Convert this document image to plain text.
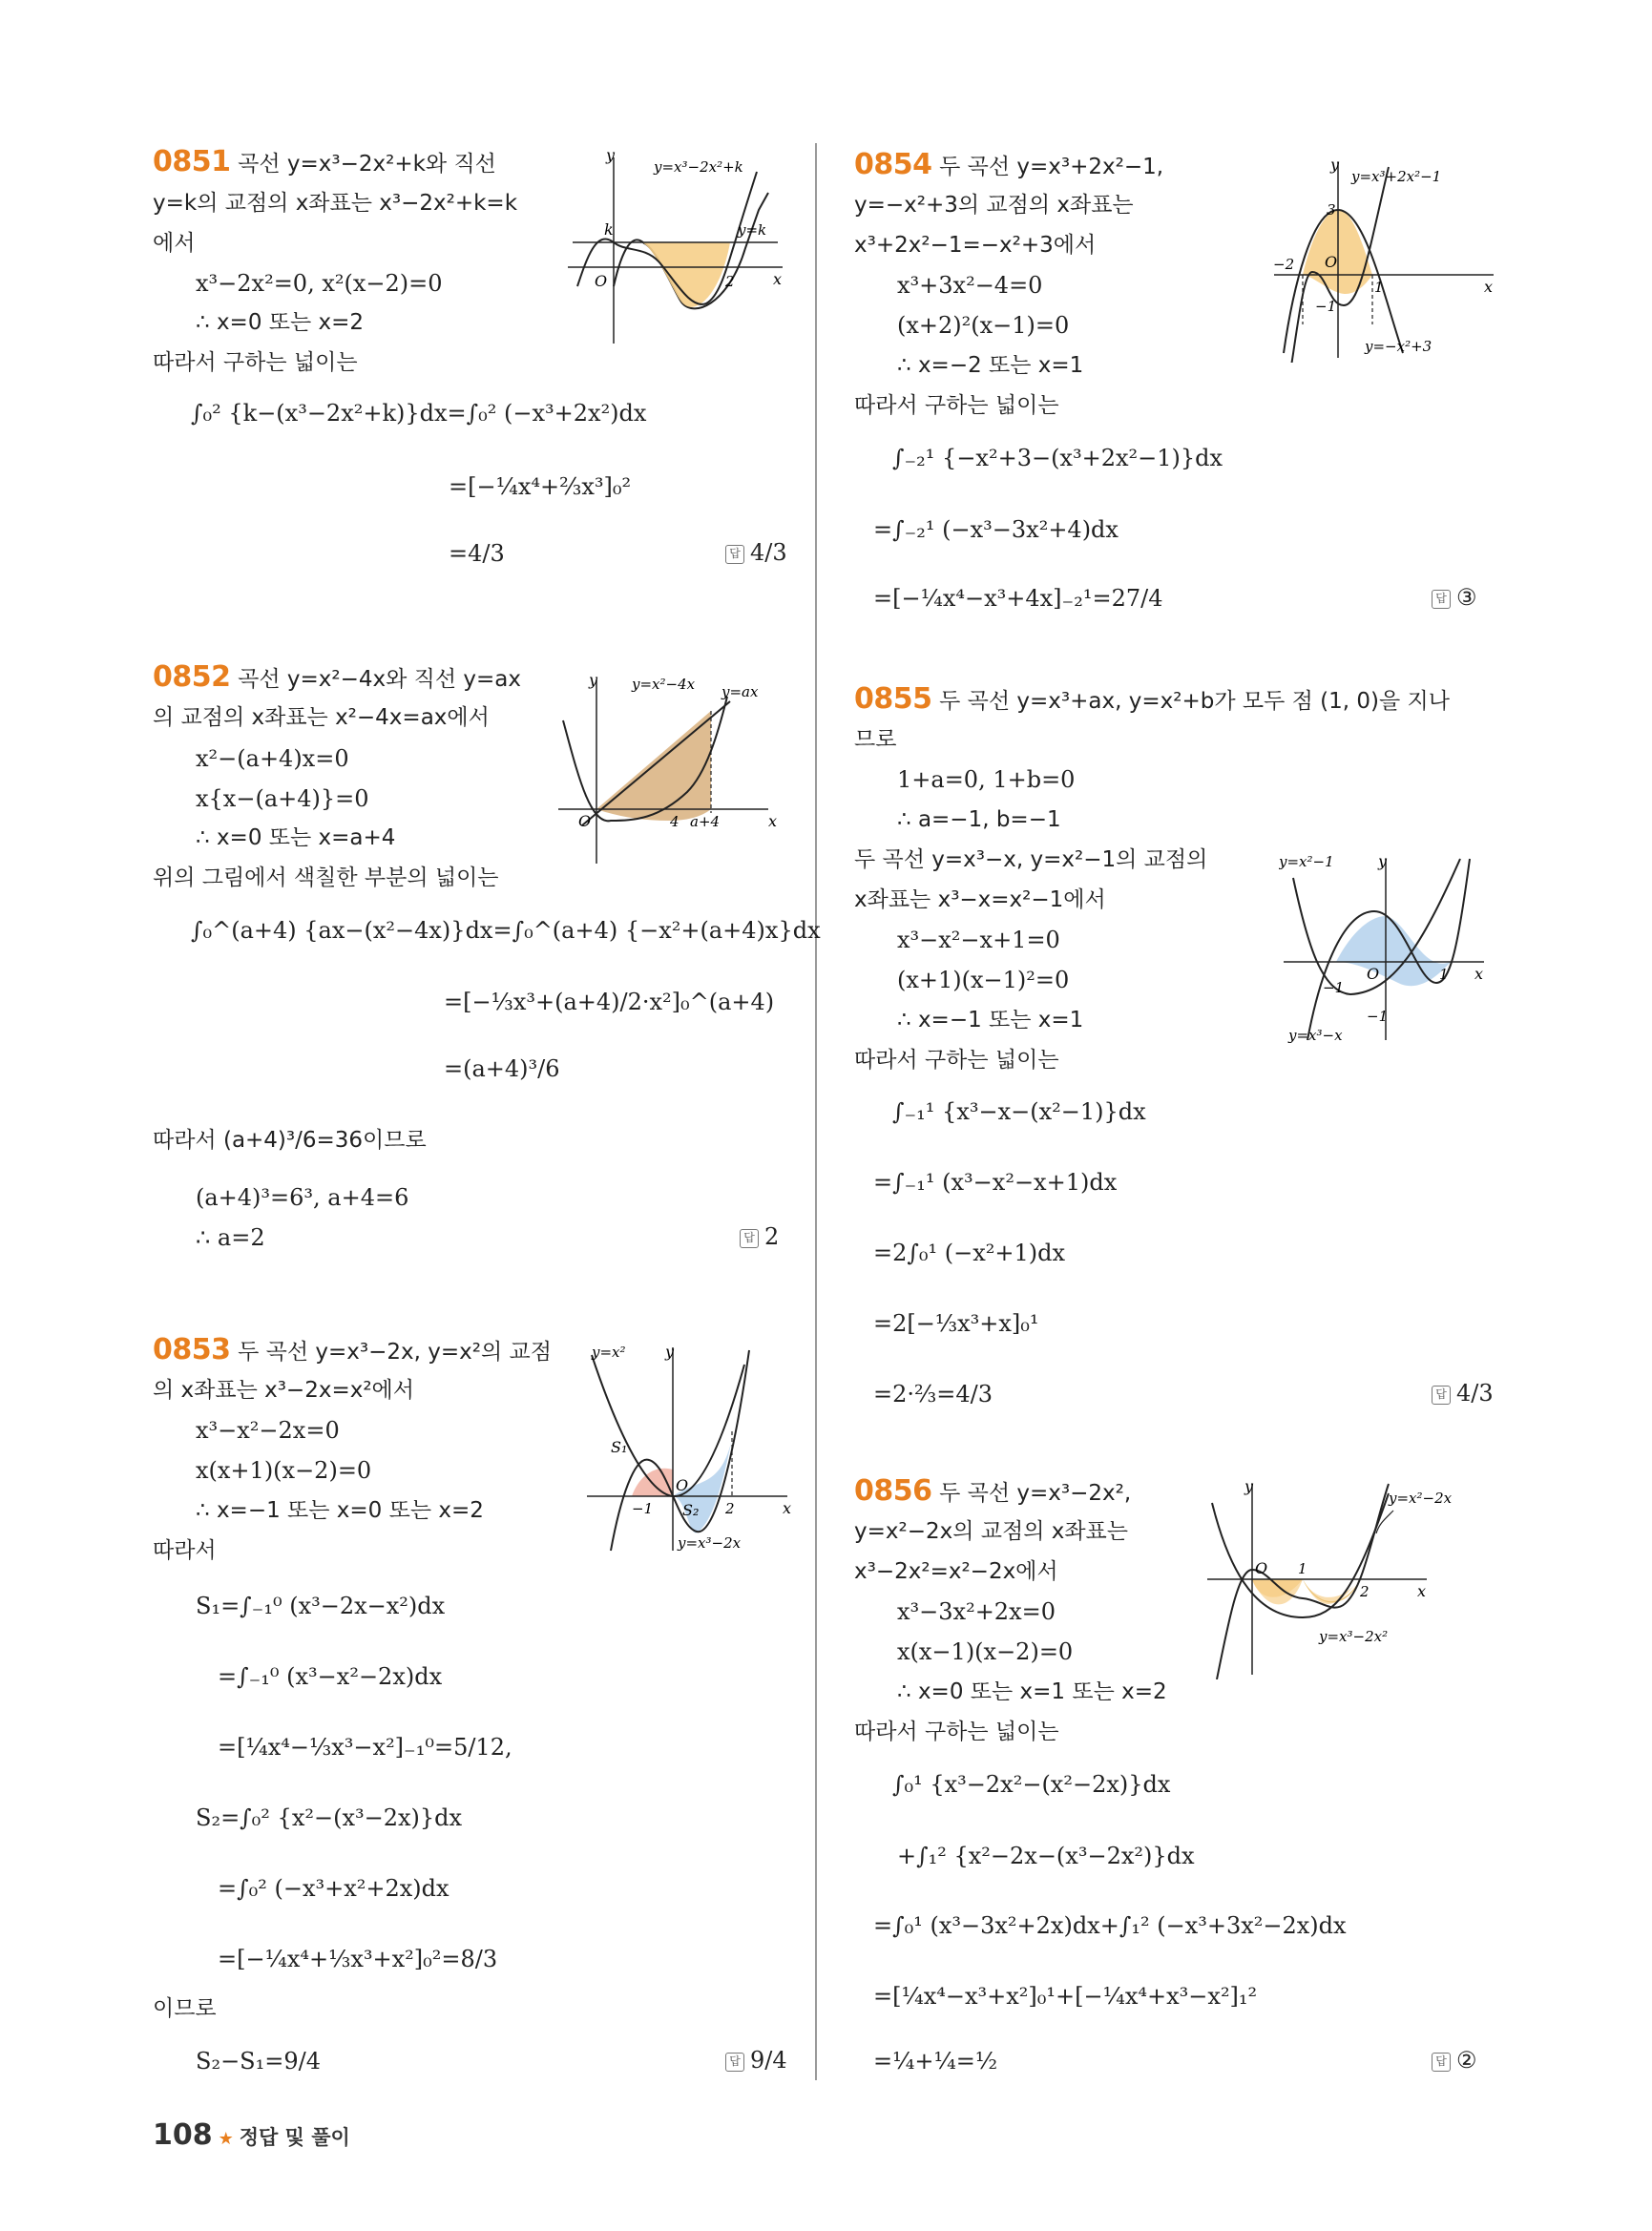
0851 곡선 y=x³−2x²+k와 직선
y=k의 교점의 x좌표는 x³−2x²+k=k
에서
x³−2x²=0, x²(x−2)=0
∴ x=0 또는 x=2
따라서 구하는 넓이는
∫₀² {k−(x³−2x²+k)}dx=∫₀² (−x³+2x²)dx
=[−¼x⁴+⅔x³]₀²
=4/3	답 4/3
y
x
O
k
2
y=k
y=x³−2x²+k
0852 곡선 y=x²−4x와 직선 y=ax
의 교점의 x좌표는 x²−4x=ax에서
x²−(a+4)x=0
x{x−(a+4)}=0
∴ x=0 또는 x=a+4
위의 그림에서 색칠한 부분의 넓이는
∫₀^(a+4) {ax−(x²−4x)}dx=∫₀^(a+4) {−x²+(a+4)x}dx
=[−⅓x³+(a+4)/2·x²]₀^(a+4)
=(a+4)³/6
따라서 (a+4)³/6=36이므로
(a+4)³=6³, a+4=6
∴ a=2	답 2
y
x
O	4 a+4
y=x²−4x y=ax
0853 두 곡선 y=x³−2x, y=x²의 교점
의 x좌표는 x³−2x=x²에서
x³−x²−2x=0
x(x+1)(x−2)=0
∴ x=−1 또는 x=0 또는 x=2
따라서
S₁=∫₋₁⁰ (x³−2x−x²)dx
=∫₋₁⁰ (x³−x²−2x)dx
=[¼x⁴−⅓x³−x²]₋₁⁰=5/12,
S₂=∫₀² {x²−(x³−2x)}dx
=∫₀² (−x³+x²+2x)dx
=[−¼x⁴+⅓x³+x²]₀²=8/3
이므로
S₂−S₁=9/4	답 9/4
y
x
O
−1	2
S₁
S₂
y=x²
y=x³−2x
0854 두 곡선 y=x³+2x²−1,
y=−x²+3의 교점의 x좌표는
x³+2x²−1=−x²+3에서
x³+3x²−4=0
(x+2)²(x−1)=0
∴ x=−2 또는 x=1
따라서 구하는 넓이는
∫₋₂¹ {−x²+3−(x³+2x²−1)}dx
=∫₋₂¹ (−x³−3x²+4)dx
=[−¼x⁴−x³+4x]₋₂¹=27/4	답 ③
y
x
3
−2
−1
1
O
y=x³+2x²−1
y=−x²+3
0855 두 곡선 y=x³+ax, y=x²+b가 모두 점 (1, 0)을 지나
므로
1+a=0, 1+b=0
∴ a=−1, b=−1
두 곡선 y=x³−x, y=x²−1의 교점의
x좌표는 x³−x=x²−1에서
x³−x²−x+1=0
(x+1)(x−1)²=0
∴ x=−1 또는 x=1
따라서 구하는 넓이는
∫₋₁¹ {x³−x−(x²−1)}dx
=∫₋₁¹ (x³−x²−x+1)dx
=2∫₀¹ (−x²+1)dx
=2[−⅓x³+x]₀¹
=2·⅔=4/3	답 4/3
y
x
O
−1
−1
1
y=x²−1
y=x³−x
0856 두 곡선 y=x³−2x²,
y=x²−2x의 교점의 x좌표는
x³−2x²=x²−2x에서
x³−3x²+2x=0
x(x−1)(x−2)=0
∴ x=0 또는 x=1 또는 x=2
따라서 구하는 넓이는
∫₀¹ {x³−2x²−(x²−2x)}dx
+∫₁² {x²−2x−(x³−2x²)}dx
=∫₀¹ (x³−3x²+2x)dx+∫₁² (−x³+3x²−2x)dx
=[¼x⁴−x³+x²]₀¹+[−¼x⁴+x³−x²]₁²
=¼+¼=½	답 ②
y
x
O 1
2
y=x²−2x
y=x³−2x²
108 ★ 정답 및 풀이
